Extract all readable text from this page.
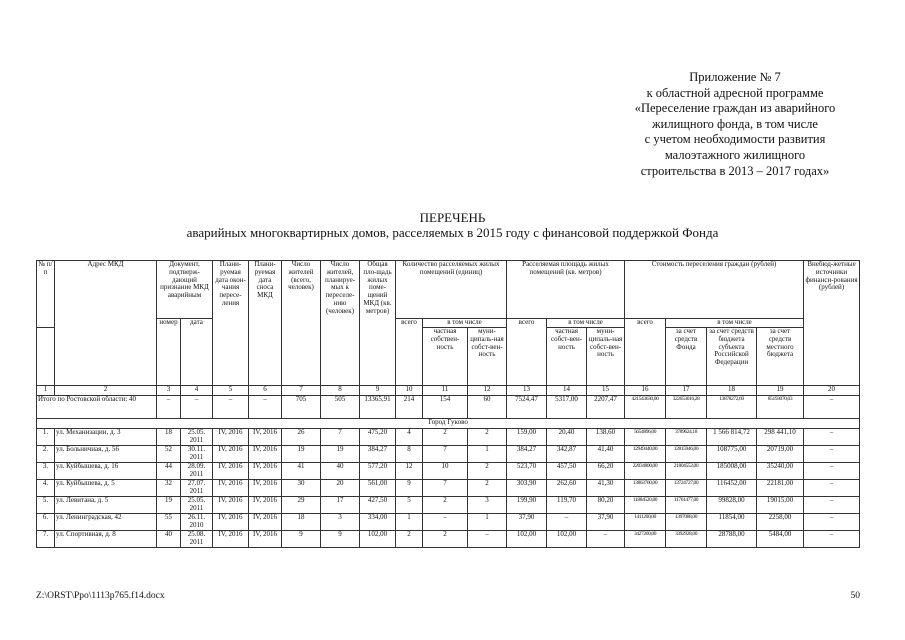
Приложение № 7
к областной адресной программе
«Переселение граждан из аварийного
жилищного фонда, в том числе
с учетом необходимости развития
малоэтажного жилищного
строительства в 2013 – 2017 годах»
ПЕРЕЧЕНЬ
аварийных многоквартирных домов, расселяемых в 2015 году с финансовой поддержкой Фонда
№ п/п	Адрес МКД	Документ, подтверж-дающий признание МКД аварийным		Плани-руемая дата окон-чания пересе-ления	Плани-руемая дата сноса МКД	Число жителей (всего, человек)	Число жителей, планируе-мых к переселе-нию (человек)	Общая пло-щадь жилых поме-щений МКД (кв. метров)	Количество расселяемых жилых помещений (единиц)			Расселяемая площадь жилых помещений (кв. метров)			Стоимость переселения граждан (рублей)				Внебюд-жетные источники финанси-рования (рублей)
		номер	дата						всего	в том числе		всего	в том числе		всего	в том числе			
										частная собствен-ность	муни-ципаль-ная собст-вен-ность		частная собст-вен-ность	муни-ципаль-ная собст-вен-ность		за счет средств Фонда	за счет средств бюджета субъекта Российской Федерации	за счет средств местного бюджета	
1	2	3	4	5	6	7	8	9	10	11	12	13	14	15	16	17	18	19	20
Итого по Ростовской области: 40		–	–	–	–	705	505	13365,91	214	154	60	7524,47	5317,00	2207,47	421543630,00	322653016,28	13878272,69	85193070,03	–
Город Гуково																			
1.	ул. Механизации, д. 3	18	25.05. 2011	IV, 2016	IV, 2016	26	7	475,20	4	2	2	159,00	20,40	138,60	5654896,00	3789624,18	1 566 814,72	298 441,10	–
2.	ул. Больничная, д. 56	52	30.11. 2011	IV, 2016	IV, 2016	19	19	384,27	8	7	1	384,27	342,87	41,40	12949440,00	12815946,00	108775,00	20719,00	–
3.	ул. Куйбышева, д. 16	44	28.09. 2011	IV, 2016	IV, 2016	41	40	577,20	12	10	2	523,70	457,50	66,20	22034800,00	21804552,00	185008,00	35240,00	–
4.	ул. Куйбышева, д. 5	32	27.07. 2011	IV, 2016	IV, 2016	30	20	561,00	9	7	2	303,90	262,60	41,30	13863760,00	13724727,00	116452,00	22181,00	–
5.	ул. Левитана, д. 5	19	25.05. 2011	IV, 2016	IV, 2016	29	17	427,50	5	2	3	199,90	119,70	80,20	11884520,00	11761477,00	99828,00	19015,00	–
6.	ул. Ленинградская, 42	55	26.11. 2010	IV, 2016	IV, 2016	18	3	334,00	1	–	1	37,90	–	37,90	1411200,00	1397088,00	11854,00	2258,00	–
7.	ул. Спортивная, д. 8	40	25.08. 2011	IV, 2016	IV, 2016	9	9	102,00	2	2	–	102,00	102,00	–	3427200,00	3392928,00	28788,00	5484,00	–
Z:\ORST\Ppo\1113p765.f14.docx	50
